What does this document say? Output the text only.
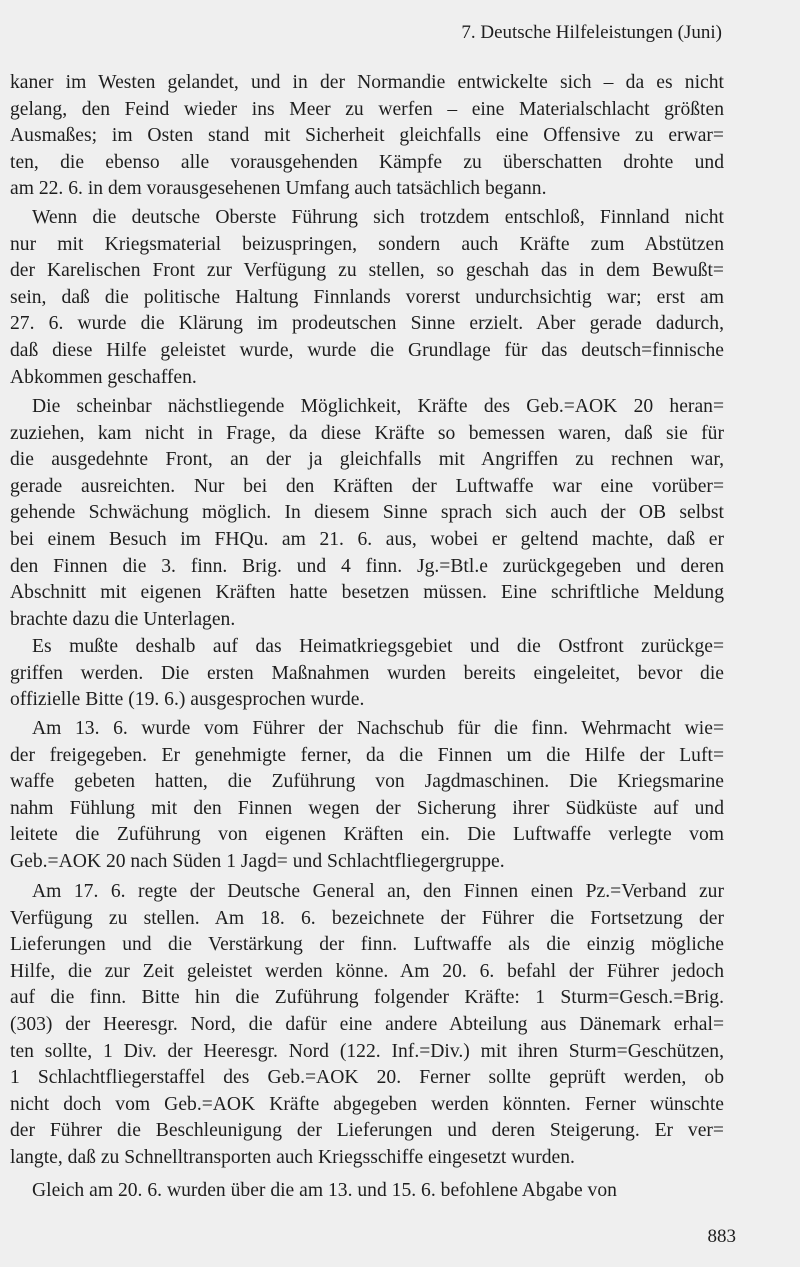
7. Deutsche Hilfeleistungen (Juni)
kaner im Westen gelandet, und in der Normandie entwickelte sich – da es nicht
gelang, den Feind wieder ins Meer zu werfen – eine Materialschlacht größten
Ausmaßes; im Osten stand mit Sicherheit gleichfalls eine Offensive zu erwar=
ten, die ebenso alle vorausgehenden Kämpfe zu überschatten drohte und
am 22. 6. in dem vorausgesehenen Umfang auch tatsächlich begann.
Wenn die deutsche Oberste Führung sich trotzdem entschloß, Finnland nicht
nur mit Kriegsmaterial beizuspringen, sondern auch Kräfte zum Abstützen
der Karelischen Front zur Verfügung zu stellen, so geschah das in dem Bewußt=
sein, daß die politische Haltung Finnlands vorerst undurchsichtig war; erst am
27. 6. wurde die Klärung im prodeutschen Sinne erzielt. Aber gerade dadurch,
daß diese Hilfe geleistet wurde, wurde die Grundlage für das deutsch=finnische
Abkommen geschaffen.
Die scheinbar nächstliegende Möglichkeit, Kräfte des Geb.=AOK 20 heran=
zuziehen, kam nicht in Frage, da diese Kräfte so bemessen waren, daß sie für
die ausgedehnte Front, an der ja gleichfalls mit Angriffen zu rechnen war,
gerade ausreichten. Nur bei den Kräften der Luftwaffe war eine vorüber=
gehende Schwächung möglich. In diesem Sinne sprach sich auch der OB selbst
bei einem Besuch im FHQu. am 21. 6. aus, wobei er geltend machte, daß er
den Finnen die 3. finn. Brig. und 4 finn. Jg.=Btl.e zurückgegeben und deren
Abschnitt mit eigenen Kräften hatte besetzen müssen. Eine schriftliche Meldung
brachte dazu die Unterlagen.
Es mußte deshalb auf das Heimatkriegsgebiet und die Ostfront zurückge=
griffen werden. Die ersten Maßnahmen wurden bereits eingeleitet, bevor die
offizielle Bitte (19. 6.) ausgesprochen wurde.
Am 13. 6. wurde vom Führer der Nachschub für die finn. Wehrmacht wie=
der freigegeben. Er genehmigte ferner, da die Finnen um die Hilfe der Luft=
waffe gebeten hatten, die Zuführung von Jagdmaschinen. Die Kriegsmarine
nahm Fühlung mit den Finnen wegen der Sicherung ihrer Südküste auf und
leitete die Zuführung von eigenen Kräften ein. Die Luftwaffe verlegte vom
Geb.=AOK 20 nach Süden 1 Jagd= und Schlachtfliegergruppe.
Am 17. 6. regte der Deutsche General an, den Finnen einen Pz.=Verband zur
Verfügung zu stellen. Am 18. 6. bezeichnete der Führer die Fortsetzung der
Lieferungen und die Verstärkung der finn. Luftwaffe als die einzig mögliche
Hilfe, die zur Zeit geleistet werden könne. Am 20. 6. befahl der Führer jedoch
auf die finn. Bitte hin die Zuführung folgender Kräfte: 1 Sturm=Gesch.=Brig.
(303) der Heeresgr. Nord, die dafür eine andere Abteilung aus Dänemark erhal=
ten sollte, 1 Div. der Heeresgr. Nord (122. Inf.=Div.) mit ihren Sturm=Geschützen,
1 Schlachtfliegerstaffel des Geb.=AOK 20. Ferner sollte geprüft werden, ob
nicht doch vom Geb.=AOK Kräfte abgegeben werden könnten. Ferner wünschte
der Führer die Beschleunigung der Lieferungen und deren Steigerung. Er ver=
langte, daß zu Schnelltransporten auch Kriegsschiffe eingesetzt wurden.
Gleich am 20. 6. wurden über die am 13. und 15. 6. befohlene Abgabe von
883
